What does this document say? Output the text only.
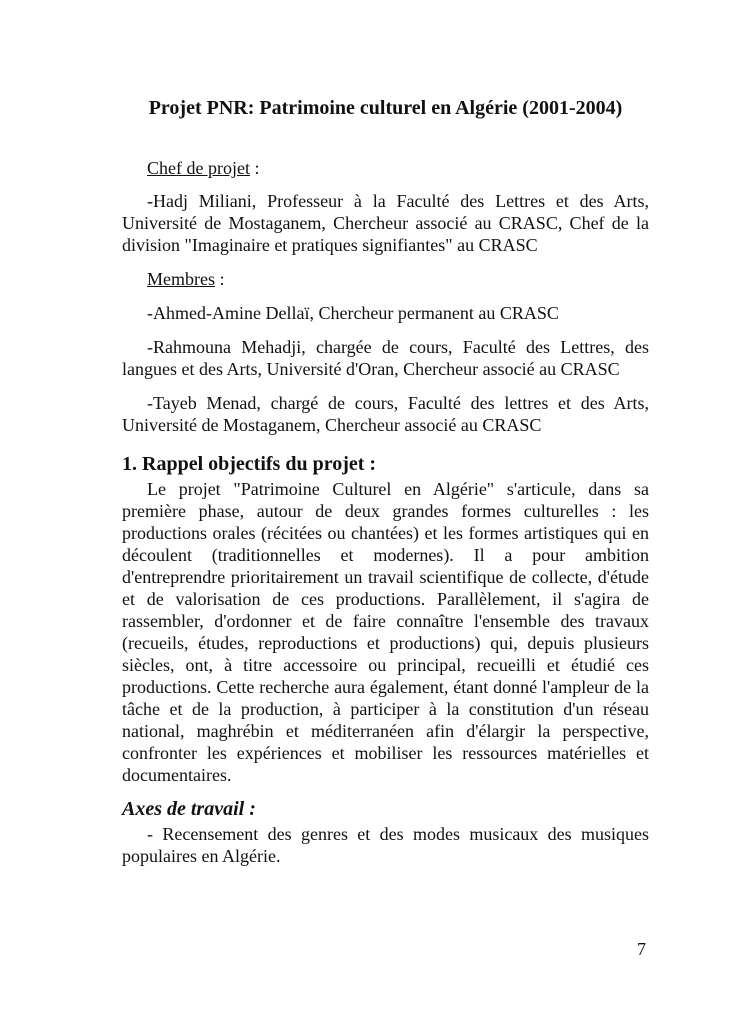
Projet PNR: Patrimoine culturel en Algérie (2001-2004)

Chef de projet :

-Hadj Miliani, Professeur à la Faculté des Lettres et des Arts, Université de Mostaganem, Chercheur associé au CRASC, Chef de la division "Imaginaire et pratiques signifiantes" au CRASC

Membres :

-Ahmed-Amine Dellaï, Chercheur permanent au CRASC

-Rahmouna Mehadji, chargée de cours, Faculté des Lettres, des langues et des Arts, Université d'Oran, Chercheur associé au CRASC

-Tayeb Menad, chargé de cours, Faculté des lettres et des Arts, Université de Mostaganem, Chercheur associé au CRASC

1. Rappel objectifs du projet :

Le projet "Patrimoine Culturel en Algérie" s'articule, dans sa première phase, autour de deux grandes formes culturelles : les productions orales (récitées ou chantées) et les formes artistiques qui en découlent (traditionnelles et modernes). Il a pour ambition d'entreprendre prioritairement un travail scientifique de collecte, d'étude et de valorisation de ces productions. Parallèlement, il s'agira de rassembler, d'ordonner et de faire connaître l'ensemble des travaux (recueils, études, reproductions et productions) qui, depuis plusieurs siècles, ont, à titre accessoire ou principal, recueilli et étudié ces productions. Cette recherche aura également, étant donné l'ampleur de la tâche et de la production, à participer à la constitution d'un réseau national, maghrébin et méditerranéen afin d'élargir la perspective, confronter les expériences et mobiliser les ressources matérielles et documentaires.

Axes de travail :

- Recensement des genres et des modes musicaux des musiques populaires en Algérie.

7
